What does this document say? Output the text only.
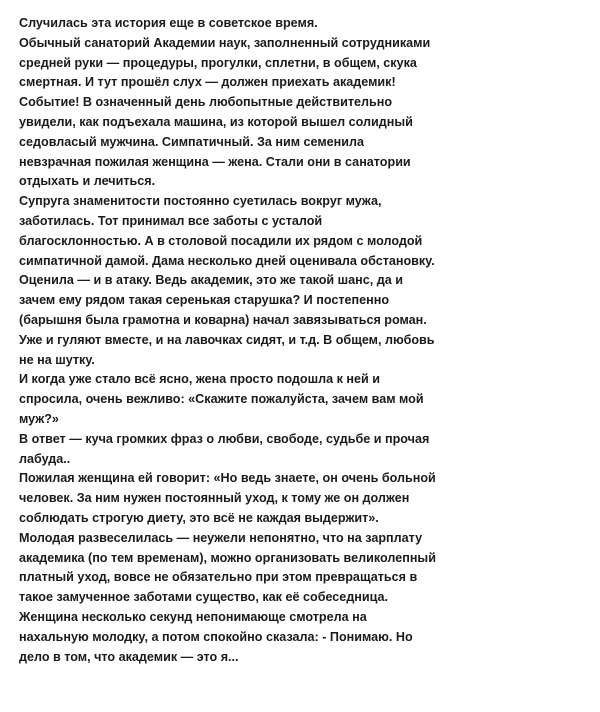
Случилась эта история еще в советское время.
Обычный санаторий Академии наук, заполненный сотрудниками
средней руки — процедуры, прогулки, сплетни, в общем, скука
смертная. И тут прошёл слух — должен приехать академик!
Событие! В означенный день любопытные действительно
увидели, как подъехала машина, из которой вышел солидный
седовласый мужчина. Симпатичный. За ним семенила
невзрачная пожилая женщина — жена. Стали они в санатории
отдыхать и лечиться.
Супруга знаменитости постоянно суетилась вокруг мужа,
заботилась. Тот принимал все заботы с усталой
благосклонностью. А в столовой посадили их рядом с молодой
симпатичной дамой. Дама несколько дней оценивала обстановку.
Оценила — и в атаку. Ведь академик, это же такой шанс, да и
зачем ему рядом такая серенькая старушка? И постепенно
(барышня была грамотна и коварна) начал завязываться роман.
Уже и гуляют вместе, и на лавочках сидят, и т.д. В общем, любовь
не на шутку.
И когда уже стало всё ясно, жена просто подошла к ней и
спросила, очень вежливо: «Скажите пожалуйста, зачем вам мой
муж?»
В ответ — куча громких фраз о любви, свободе, судьбе и прочая
лабуда..
Пожилая женщина ей говорит: «Но ведь знаете, он очень больной
человек. За ним нужен постоянный уход, к тому же он должен
соблюдать строгую диету, это всё не каждая выдержит».
Молодая развеселилась — неужели непонятно, что на зарплату
академика (по тем временам), можно организовать великолепный
платный уход, вовсе не обязательно при этом превращаться в
такое замученное заботами существо, как её собеседница.
Женщина несколько секунд непонимающе смотрела на
нахальную молодку, а потом спокойно сказала: - Понимаю. Но
дело в том, что академик — это я...
